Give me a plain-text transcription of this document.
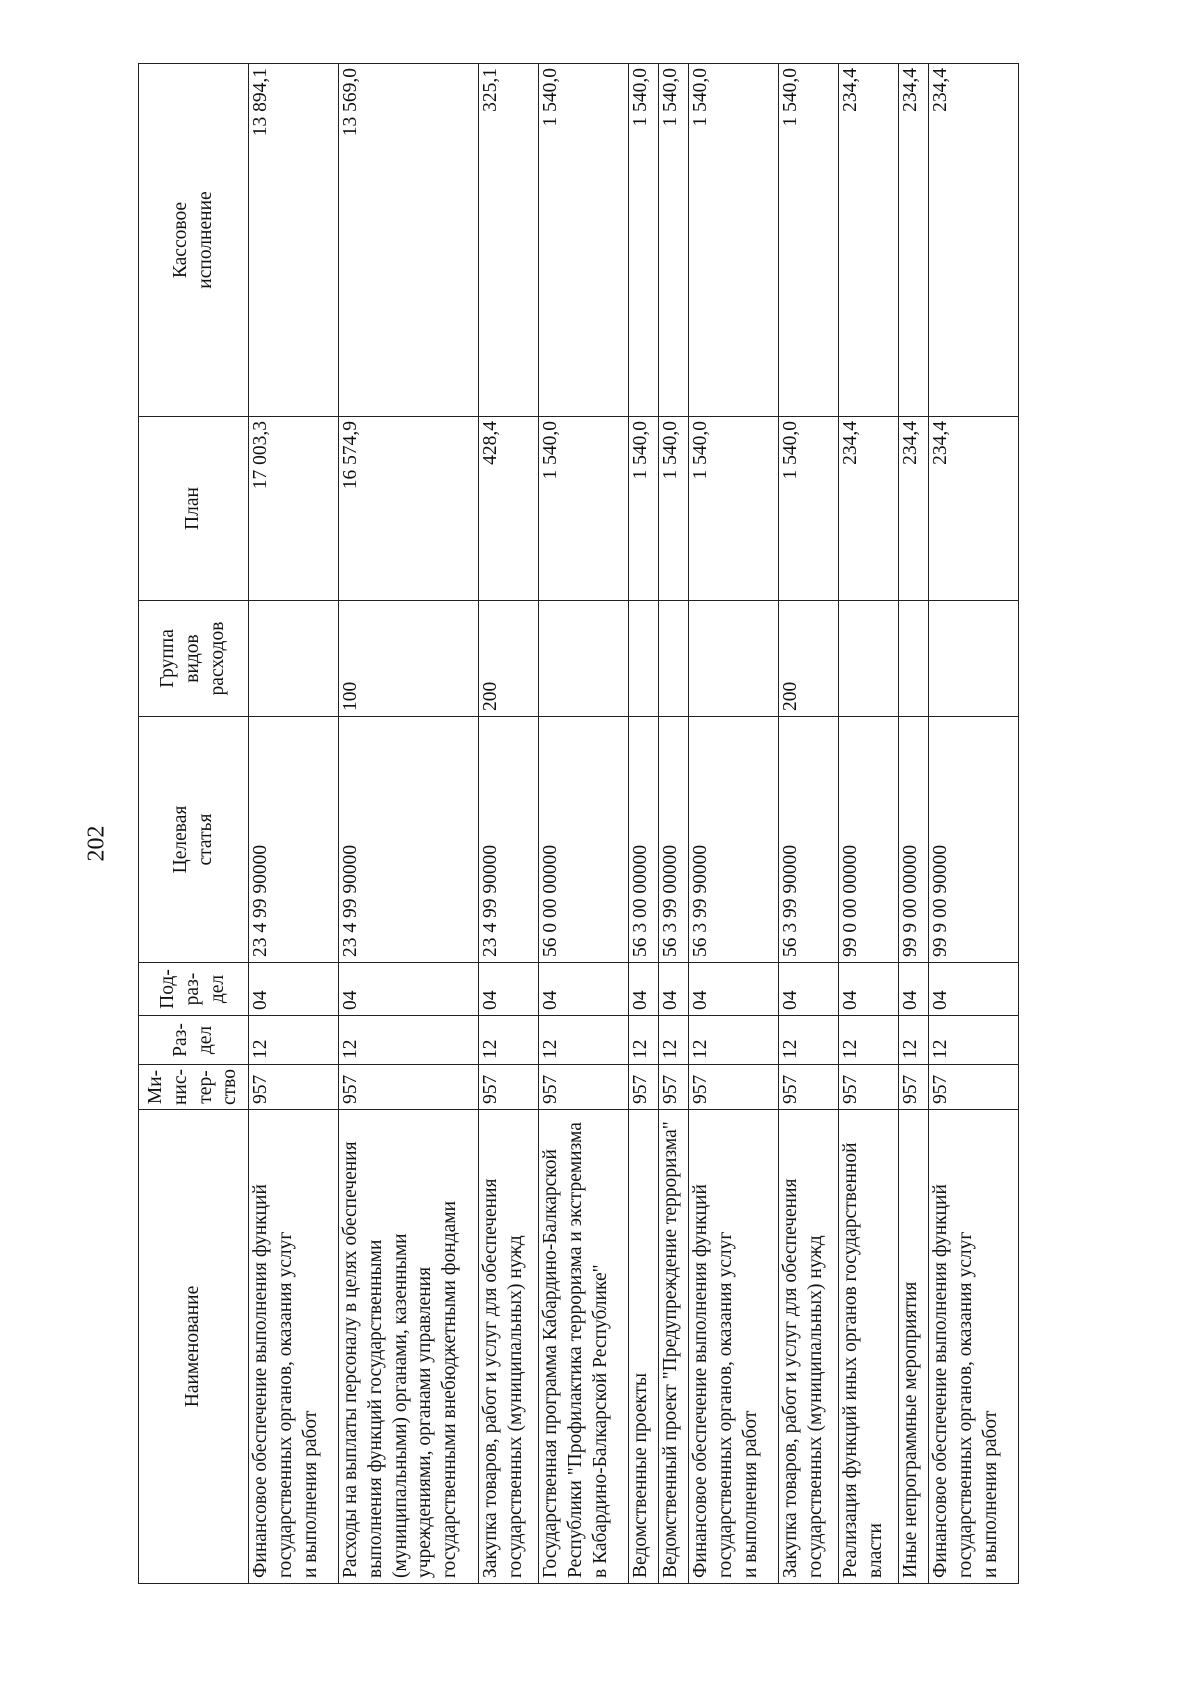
202
Наименование	Ми-
нис-
тер-
ство	Раз-
дел	Под-
раз-
дел	Целевая
статья	Группа
видов
расходов	План	Кассовое
исполнение
Финансовое обеспечение выполнения функций
государственных органов, оказания услуг
и выполнения работ	957	12	04	23 4 99 90000		17 003,3	13 894,1
Расходы на выплаты персоналу в целях обеспечения
выполнения функций государственными
(муниципальными) органами, казенными
учреждениями, органами управления
государственными внебюджетными фондами	957	12	04	23 4 99 90000	100	16 574,9	13 569,0
Закупка товаров, работ и услуг для обеспечения
государственных (муниципальных) нужд	957	12	04	23 4 99 90000	200	428,4	325,1
Государственная программа Кабардино-Балкарской
Республики "Профилактика терроризма и экстремизма
в Кабардино-Балкарской Республике"	957	12	04	56 0 00 00000		1 540,0	1 540,0
Ведомственные проекты	957	12	04	56 3 00 00000		1 540,0	1 540,0
Ведомственный проект "Предупреждение терроризма"	957	12	04	56 3 99 00000		1 540,0	1 540,0
Финансовое обеспечение выполнения функций
государственных органов, оказания услуг
и выполнения работ	957	12	04	56 3 99 90000		1 540,0	1 540,0
Закупка товаров, работ и услуг для обеспечения
государственных (муниципальных) нужд	957	12	04	56 3 99 90000	200	1 540,0	1 540,0
Реализация функций иных органов государственной
власти	957	12	04	99 0 00 00000		234,4	234,4
Иные непрограммные мероприятия	957	12	04	99 9 00 00000		234,4	234,4
Финансовое обеспечение выполнения функций
государственных органов, оказания услуг
и выполнения работ	957	12	04	99 9 00 90000		234,4	234,4
